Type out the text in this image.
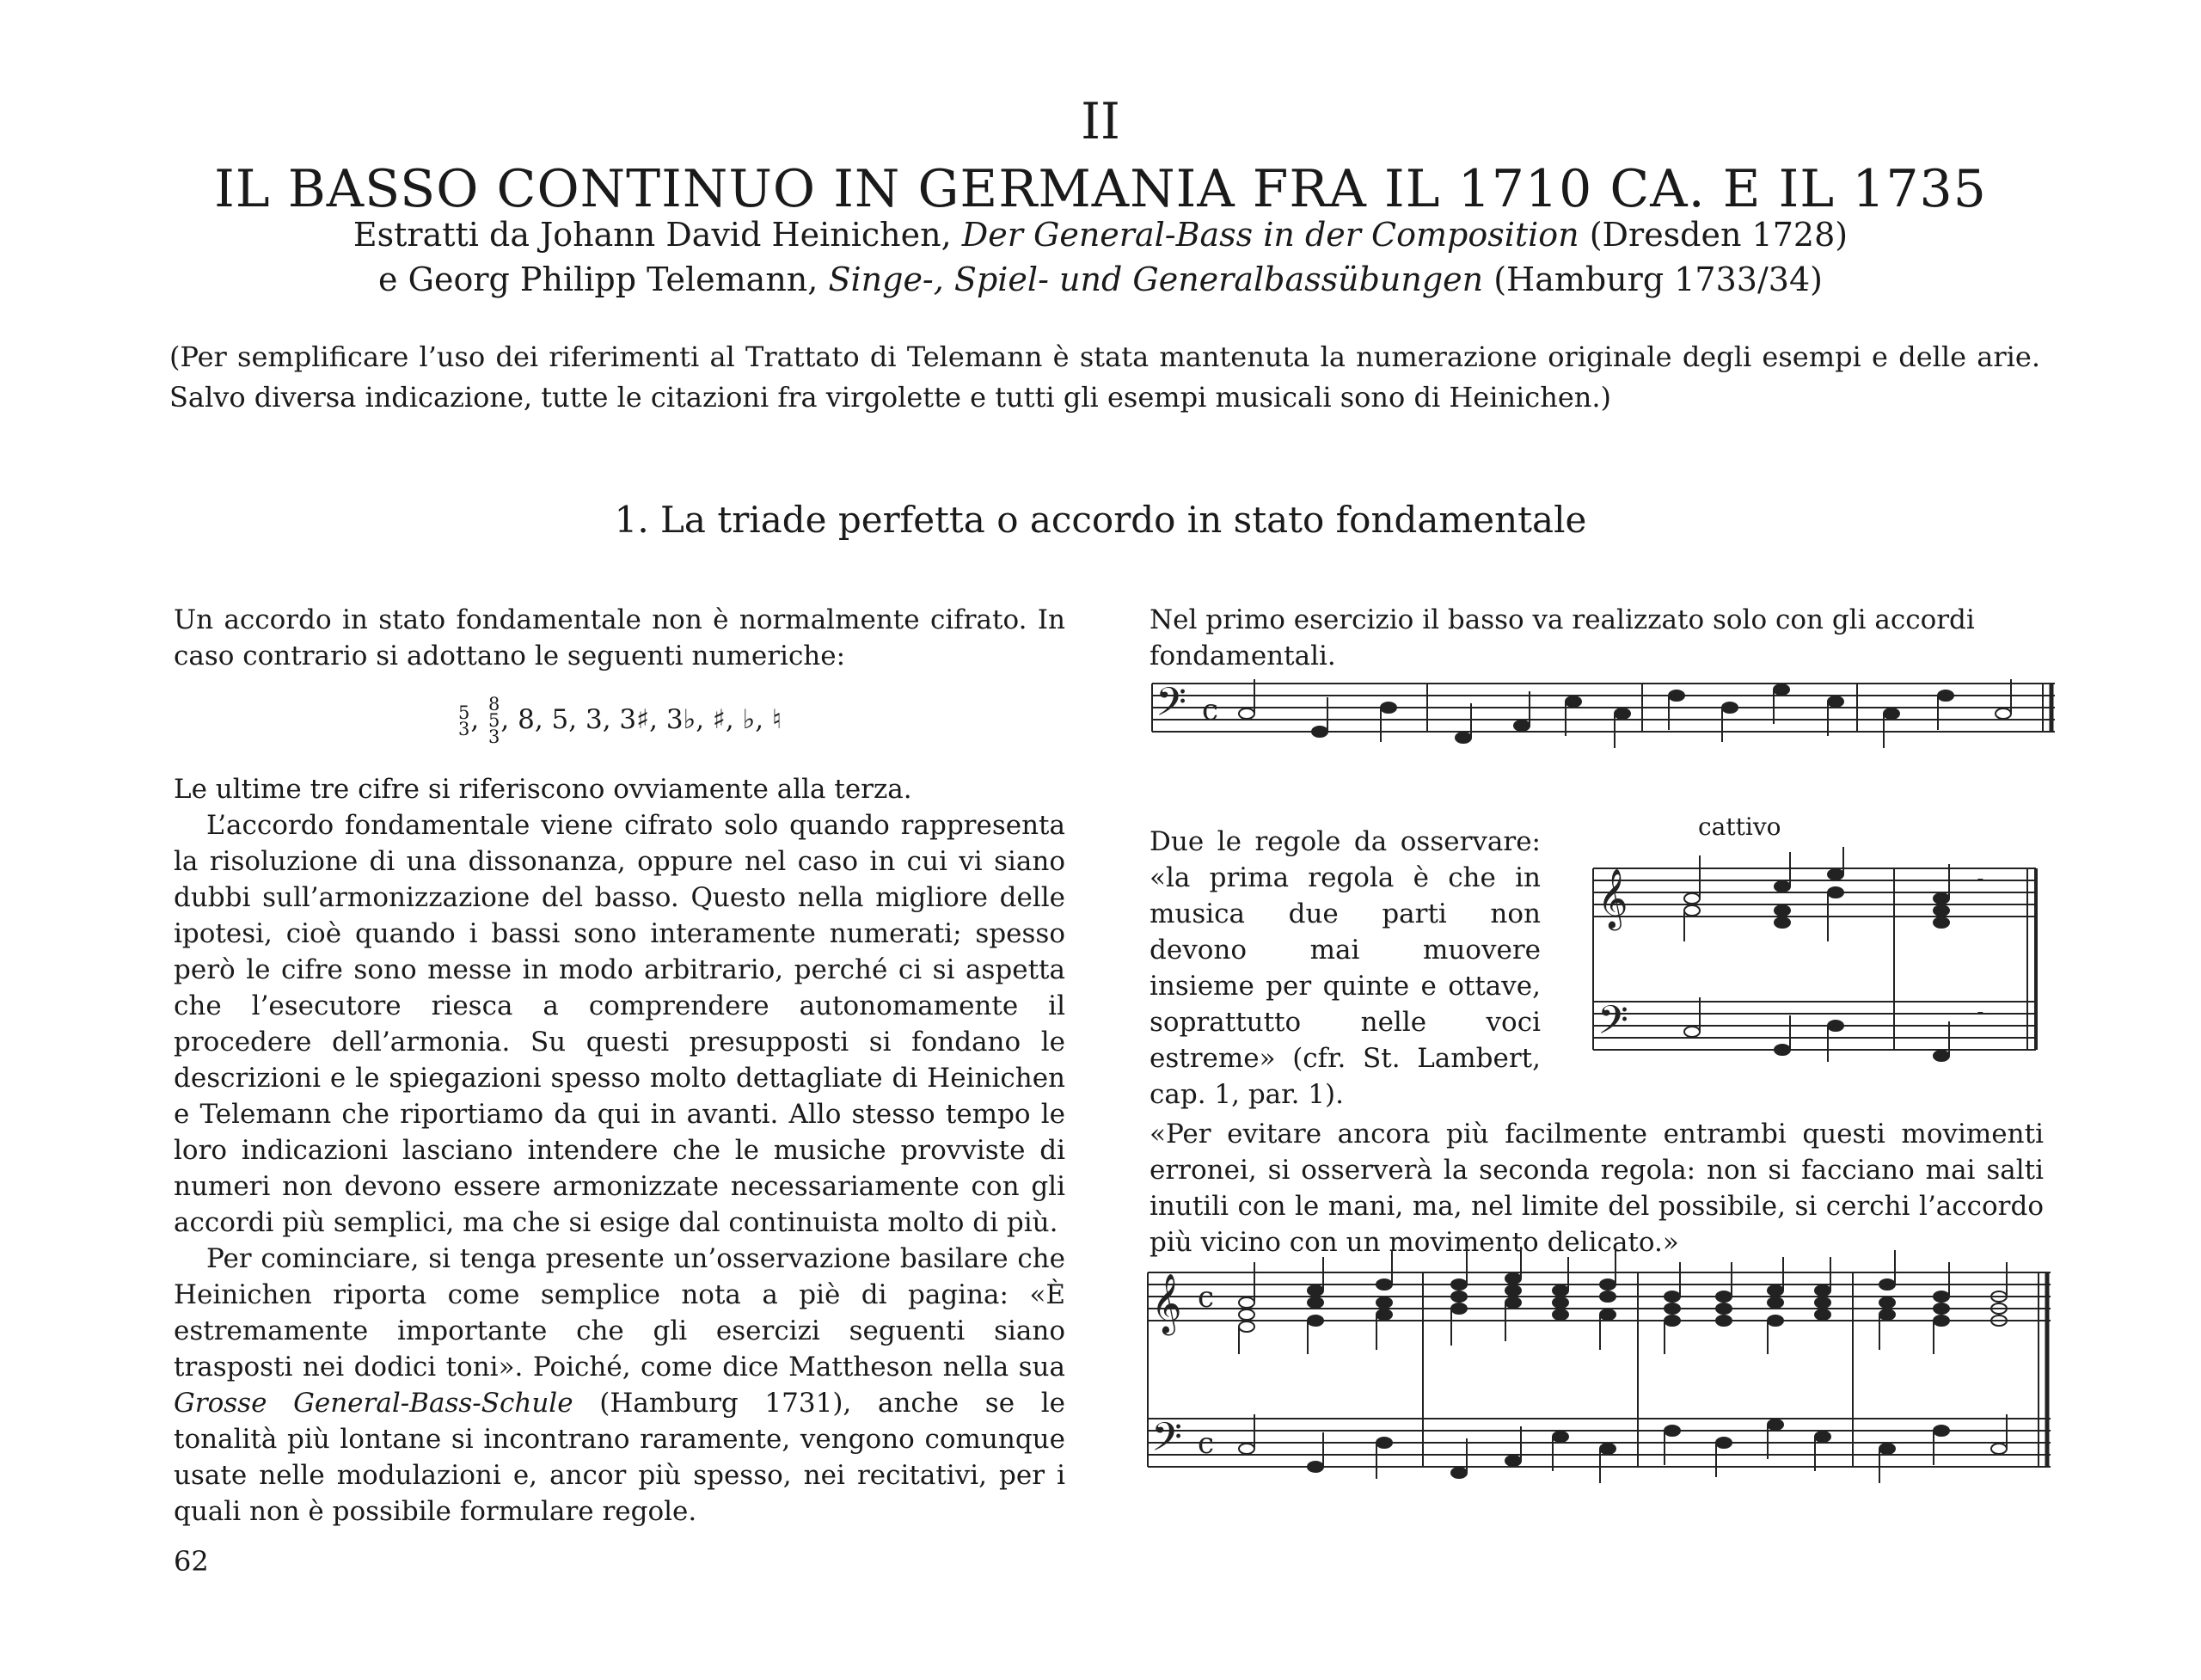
II
IL BASSO CONTINUO IN GERMANIA FRA IL 1710 CA. E IL 1735
Estratti da Johann David Heinichen, Der General-Bass in der Composition (Dresden 1728)
e Georg Philipp Telemann, Singe-, Spiel- und Generalbassübungen (Hamburg 1733/34)
(Per semplificare l’uso dei riferimenti al Trattato di Telemann è stata mantenuta la numerazione originale degli esempi e delle arie. Salvo diversa indicazione, tutte le citazioni fra virgolette e tutti gli esempi musicali sono di Heinichen.)
1. La triade perfetta o accordo in stato fondamentale

Un accordo in stato fondamentale non è normalmente cifrato. In caso contrario si adottano le seguenti numeriche:

5
3 , 8
5
3
, 8, 5, 3, 3♯, 3♭, ♯, ♭, ♮

Le ultime tre cifre si riferiscono ovviamente alla terza.

L’accordo fondamentale viene cifrato solo quando rappresenta la risoluzione di una dissonanza, oppure nel caso in cui vi siano dubbi sull’armonizzazione del basso. Questo nella migliore delle ipotesi, cioè quando i bassi sono interamente numerati; spesso però le cifre sono messe in modo arbitrario, perché ci si aspetta che l’esecutore riesca a comprendere autonomamente il procedere dell’armonia. Su questi presupposti si fondano le descrizioni e le spiegazioni spesso molto dettagliate di Heinichen e Telemann che riportiamo da qui in avanti. Allo stesso tempo le loro indicazioni lasciano intendere che le musiche provviste di numeri non devono essere armonizzate necessariamente con gli accordi più semplici, ma che si esige dal continuista molto di più.

Per cominciare, si tenga presente un’osservazione basilare che Heinichen riporta come semplice nota a piè di pagina: «È estremamente importante che gli esercizi seguenti siano trasposti nei dodici toni». Poiché, come dice Mattheson nella sua Grosse General-Bass-Schule (Hamburg 1731), anche se le tonalità più lontane si incontrano raramente, vengono comunque usate nelle modulazioni e, ancor più spesso, nei recitativi, per i quali non è possibile formulare regole.

62
Nel primo esercizio il basso va realizzato solo con gli accordi fondamentali.
Due le regole da osservare: «la prima regola è che in musica due parti non devono mai muovere insieme per quinte e ottave, soprattutto nelle voci estreme» (cfr. St. Lambert, cap. 1, par. 1).
«Per evitare ancora più facilmente entrambi questi movimenti erronei, si osserverà la seconda regola: non si facciano mai salti inutili con le mani, ma, nel limite del possibile, si cerchi l’accordo più vicino con un movimento delicato.»
cattivo
𝄢 c
𝄞
𝄢
𝄼
𝄼
𝄞
𝄢
c
c
